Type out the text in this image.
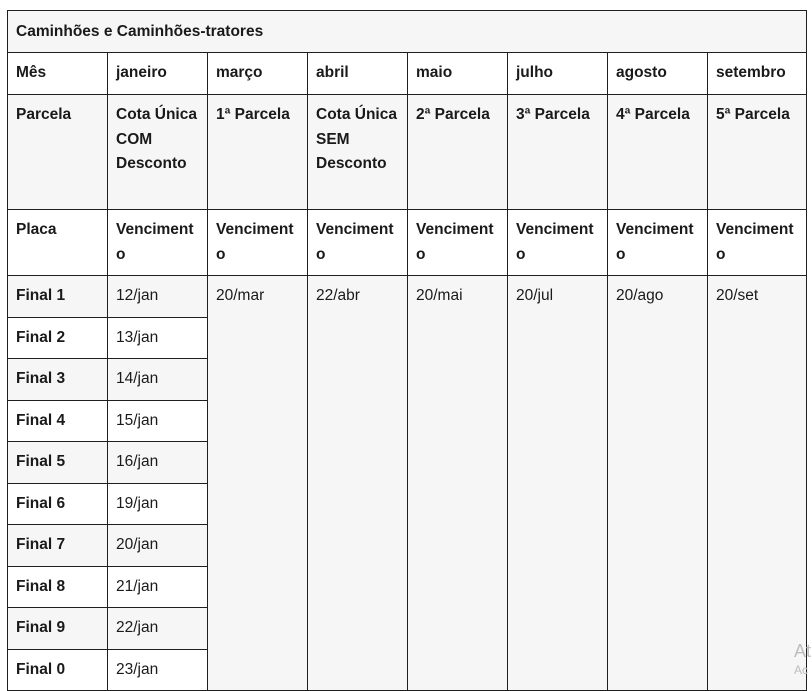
Caminhões e Caminhões-tratores							
Mês	janeiro	março	abril	maio	julho	agosto	setembro
Parcela	Cota Única COM Desconto	1ª Parcela	Cota Única SEM Desconto	2ª Parcela	3ª Parcela	4ª Parcela	5ª Parcela
Placa	Vencimento	Vencimento	Vencimento	Vencimento	Vencimento	Vencimento	Vencimento
Final 1	12/jan	20/mar	22/abr	20/mai	20/jul	20/ago	20/set
Final 2	13/jan						
Final 3	14/jan						
Final 4	15/jan						
Final 5	16/jan						
Final 6	19/jan						
Final 7	20/jan						
Final 8	21/jan						
Final 9	22/jan						
Final 0	23/jan						
At
Ac
